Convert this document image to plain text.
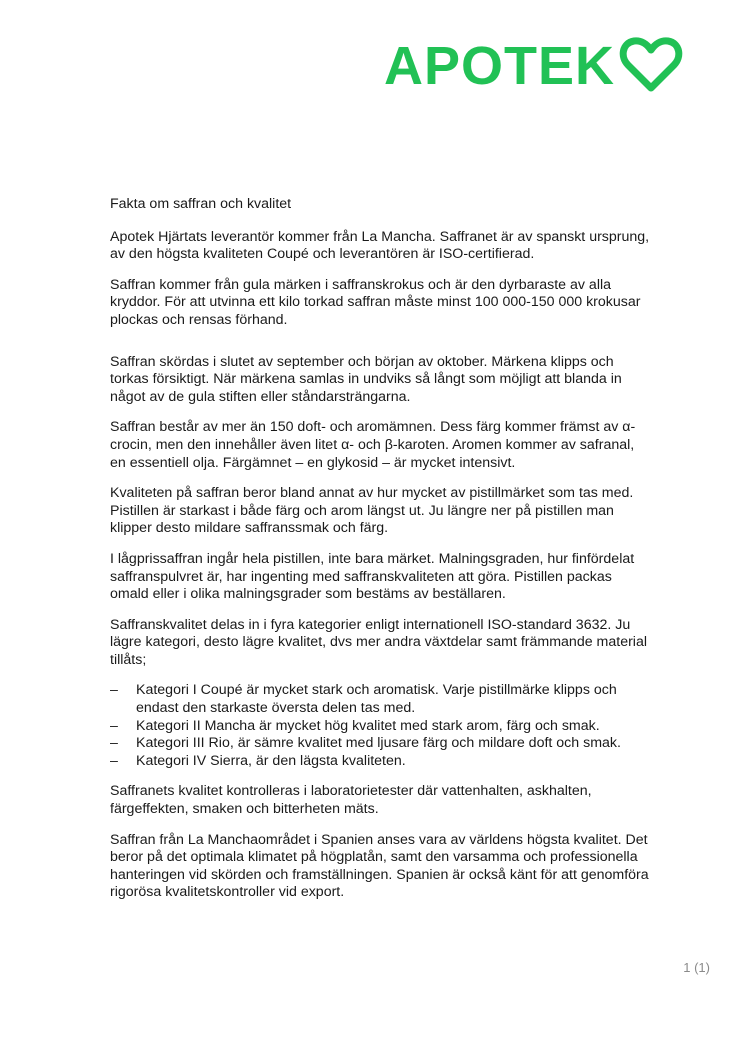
APOTEK
Fakta om saffran och kvalitet

Apotek Hjärtats leverantör kommer från La Mancha. Saffranet är av spanskt ursprung, av den högsta kvaliteten Coupé och leverantören är ISO-certifierad.

Saffran kommer från gula märken i saffranskrokus och är den dyrbaraste av alla kryddor. För att utvinna ett kilo torkad saffran måste minst 100 000-150 000 krokusar plockas och rensas förhand.

Saffran skördas i slutet av september och början av oktober. Märkena klipps och torkas försiktigt. När märkena samlas in undviks så långt som möjligt att blanda in något av de gula stiften eller ståndarsträngarna.

Saffran består av mer än 150 doft- och aromämnen. Dess färg kommer främst av α-crocin, men den innehåller även litet α- och β-karoten. Aromen kommer av safranal, en essentiell olja. Färgämnet – en glykosid – är mycket intensivt.

Kvaliteten på saffran beror bland annat av hur mycket av pistillmärket som tas med. Pistillen är starkast i både färg och arom längst ut. Ju längre ner på pistillen man klipper desto mildare saffranssmak och färg.

I lågprissaffran ingår hela pistillen, inte bara märket. Malningsgraden, hur finfördelat saffranspulvret är, har ingenting med saffranskvaliteten att göra. Pistillen packas omald eller i olika malningsgrader som bestäms av beställaren.

Saffranskvalitet delas in i fyra kategorier enligt internationell ISO-standard 3632. Ju lägre kategori, desto lägre kvalitet, dvs mer andra växtdelar samt främmande material tillåts;

–	Kategori I Coupé är mycket stark och aromatisk. Varje pistillmärke klipps och endast den starkaste översta delen tas med.
–	Kategori II Mancha är mycket hög kvalitet med stark arom, färg och smak.
–	Kategori III Rio, är sämre kvalitet med ljusare färg och mildare doft och smak.
–	Kategori IV Sierra, är den lägsta kvaliteten.

Saffranets kvalitet kontrolleras i laboratorietester där vattenhalten, askhalten, färgeffekten, smaken och bitterheten mäts.

Saffran från La Manchaområdet i Spanien anses vara av världens högsta kvalitet. Det beror på det optimala klimatet på högplatån, samt den varsamma och professionella hanteringen vid skörden och framställningen. Spanien är också känt för att genomföra rigorösa kvalitetskontroller vid export.

1 (1)
